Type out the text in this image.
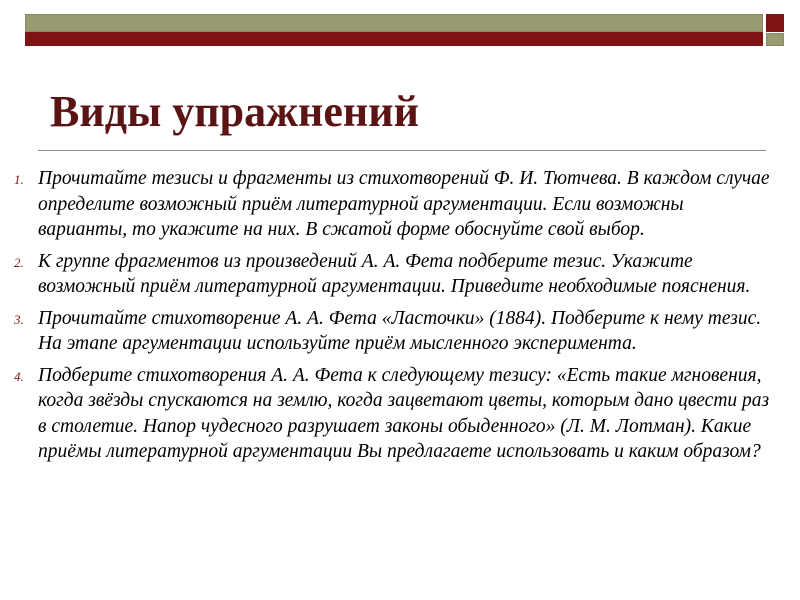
Виды упражнений
1. Прочитайте тезисы и фрагменты из стихотворений Ф. И. Тютчева. В каждом случае определите возможный приём литературной аргументации. Если возможны варианты, то укажите на них. В сжатой форме обоснуйте свой выбор.
2. К группе фрагментов из произведений А. А. Фета подберите тезис. Укажите возможный приём литературной аргументации. Приведите необходимые пояснения.
3. Прочитайте стихотворение А. А. Фета «Ласточки» (1884). Подберите к нему тезис. На этапе аргументации используйте приём мысленного эксперимента.
4. Подберите стихотворения А. А. Фета к следующему тезису: «Есть такие мгновения, когда звёзды спускаются на землю, когда зацветают цветы, которым дано цвести раз в столетие. Напор чудесного разрушает законы обыденного» (Л. М. Лотман). Какие приёмы литературной аргументации Вы предлагаете использовать и каким образом?
